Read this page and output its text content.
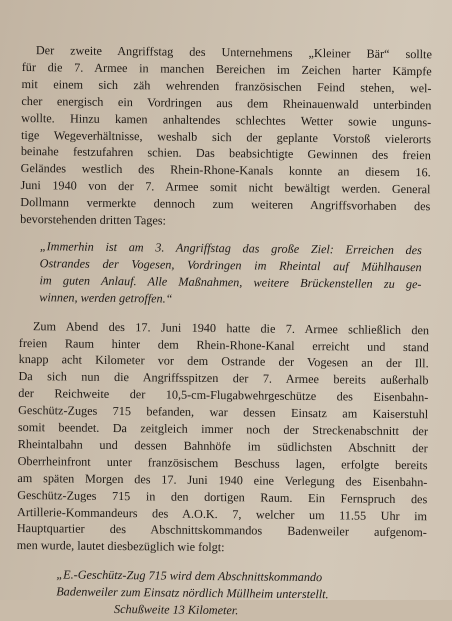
Der zweite Angriffstag des Unternehmens „Kleiner Bär“ sollte
für die 7. Armee in manchen Bereichen im Zeichen harter Kämpfe
mit einem sich zäh wehrenden französischen Feind stehen, wel-
cher energisch ein Vordringen aus dem Rheinauenwald unterbinden
wollte. Hinzu kamen anhaltendes schlechtes Wetter sowie unguns-
tige Wegeverhältnisse, weshalb sich der geplante Vorstoß vielerorts
beinahe festzufahren schien. Das beabsichtigte Gewinnen des freien
Geländes westlich des Rhein-Rhone-Kanals konnte an diesem 16.
Juni 1940 von der 7. Armee somit nicht bewältigt werden. General
Dollmann vermerkte dennoch zum weiteren Angriffsvorhaben des
bevorstehenden dritten Tages:
„Immerhin ist am 3. Angriffstag das große Ziel: Erreichen des
Ostrandes der Vogesen, Vordringen im Rheintal auf Mühlhausen
im guten Anlauf. Alle Maßnahmen, weitere Brückenstellen zu ge-
winnen, werden getroffen.“
Zum Abend des 17. Juni 1940 hatte die 7. Armee schließlich den
freien Raum hinter dem Rhein-Rhone-Kanal erreicht und stand
knapp acht Kilometer vor dem Ostrande der Vogesen an der Ill.
Da sich nun die Angriffsspitzen der 7. Armee bereits außerhalb
der Reichweite der 10,5-cm-Flugabwehrgeschütze des Eisenbahn-
Geschütz-Zuges 715 befanden, war dessen Einsatz am Kaiserstuhl
somit beendet. Da zeitgleich immer noch der Streckenabschnitt der
Rheintalbahn und dessen Bahnhöfe im südlichsten Abschnitt der
Oberrheinfront unter französischem Beschuss lagen, erfolgte bereits
am späten Morgen des 17. Juni 1940 eine Verlegung des Eisenbahn-
Geschütz-Zuges 715 in den dortigen Raum. Ein Fernspruch des
Artillerie-Kommandeurs des A.O.K. 7, welcher um 11.55 Uhr im
Hauptquartier des Abschnittskommandos Badenweiler aufgenom-
men wurde, lautet diesbezüglich wie folgt:
„E.-Geschütz-Zug 715 wird dem Abschnittskommando
Badenweiler zum Einsatz nördlich Müllheim unterstellt.
Schußweite 13 Kilometer.
